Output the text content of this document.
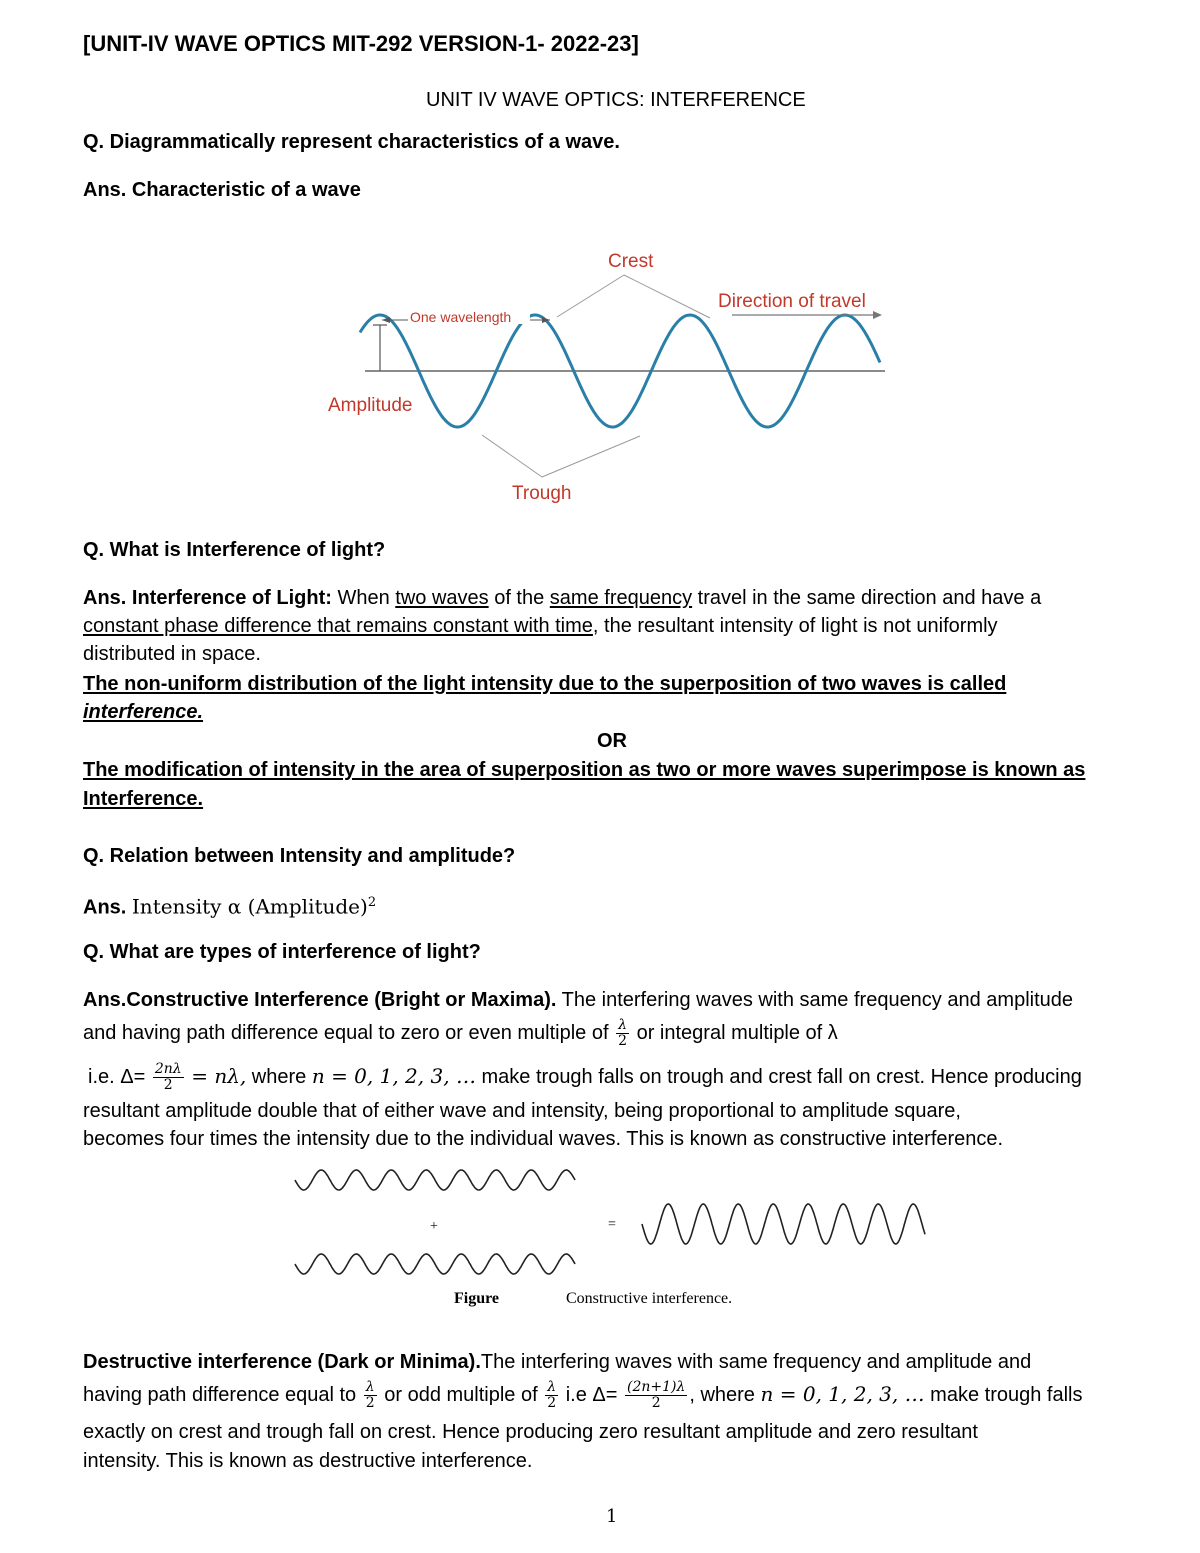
[UNIT-IV WAVE OPTICS MIT-292 VERSION-1- 2022-23]
UNIT IV WAVE OPTICS: INTERFERENCE
Q. Diagrammatically represent characteristics of a wave.
Ans. Characteristic of a wave
One wavelength
Crest
Direction of travel
Amplitude
Trough
Q. What is Interference of light?
Ans. Interference of Light: When two waves of the same frequency travel in the same direction and have a
constant phase difference that remains constant with time, the resultant intensity of light is not uniformly
distributed in space.
The non-uniform distribution of the light intensity due to the superposition of two waves is called
interference.
OR
The modification of intensity in the area of superposition as two or more waves superimpose is known as
Interference.
Q. Relation between Intensity and amplitude?
Ans. Intensity α (Amplitude)$^2$
Q. What are types of interference of light?
Ans.Constructive Interference (Bright or Maxima). The interfering waves with same frequency and amplitude
and having path difference equal to zero or even multiple of $\frac{\lambda}{2}$ or integral multiple of λ
i.e. $\Delta= \frac{2n\lambda}{2} = n\lambda$, where n = 0, 1, 2, 3, … make trough falls on trough and crest fall on crest. Hence producing
resultant amplitude double that of either wave and intensity, being proportional to amplitude square,
becomes four times the intensity due to the individual waves. This is known as constructive interference.
+	=
Figure	Constructive interference.
Destructive interference (Dark or Minima).The interfering waves with same frequency and amplitude and
having path difference equal to $\frac{\lambda}{2}$ or odd multiple of $\frac{\lambda}{2} i.e$ $\Delta= \frac{(2n+1)\lambda}{2}$ , where n = 0, 1, 2, 3, … make trough falls
exactly on crest and trough fall on crest. Hence producing zero resultant amplitude and zero resultant
intensity. This is known as destructive interference.
1
